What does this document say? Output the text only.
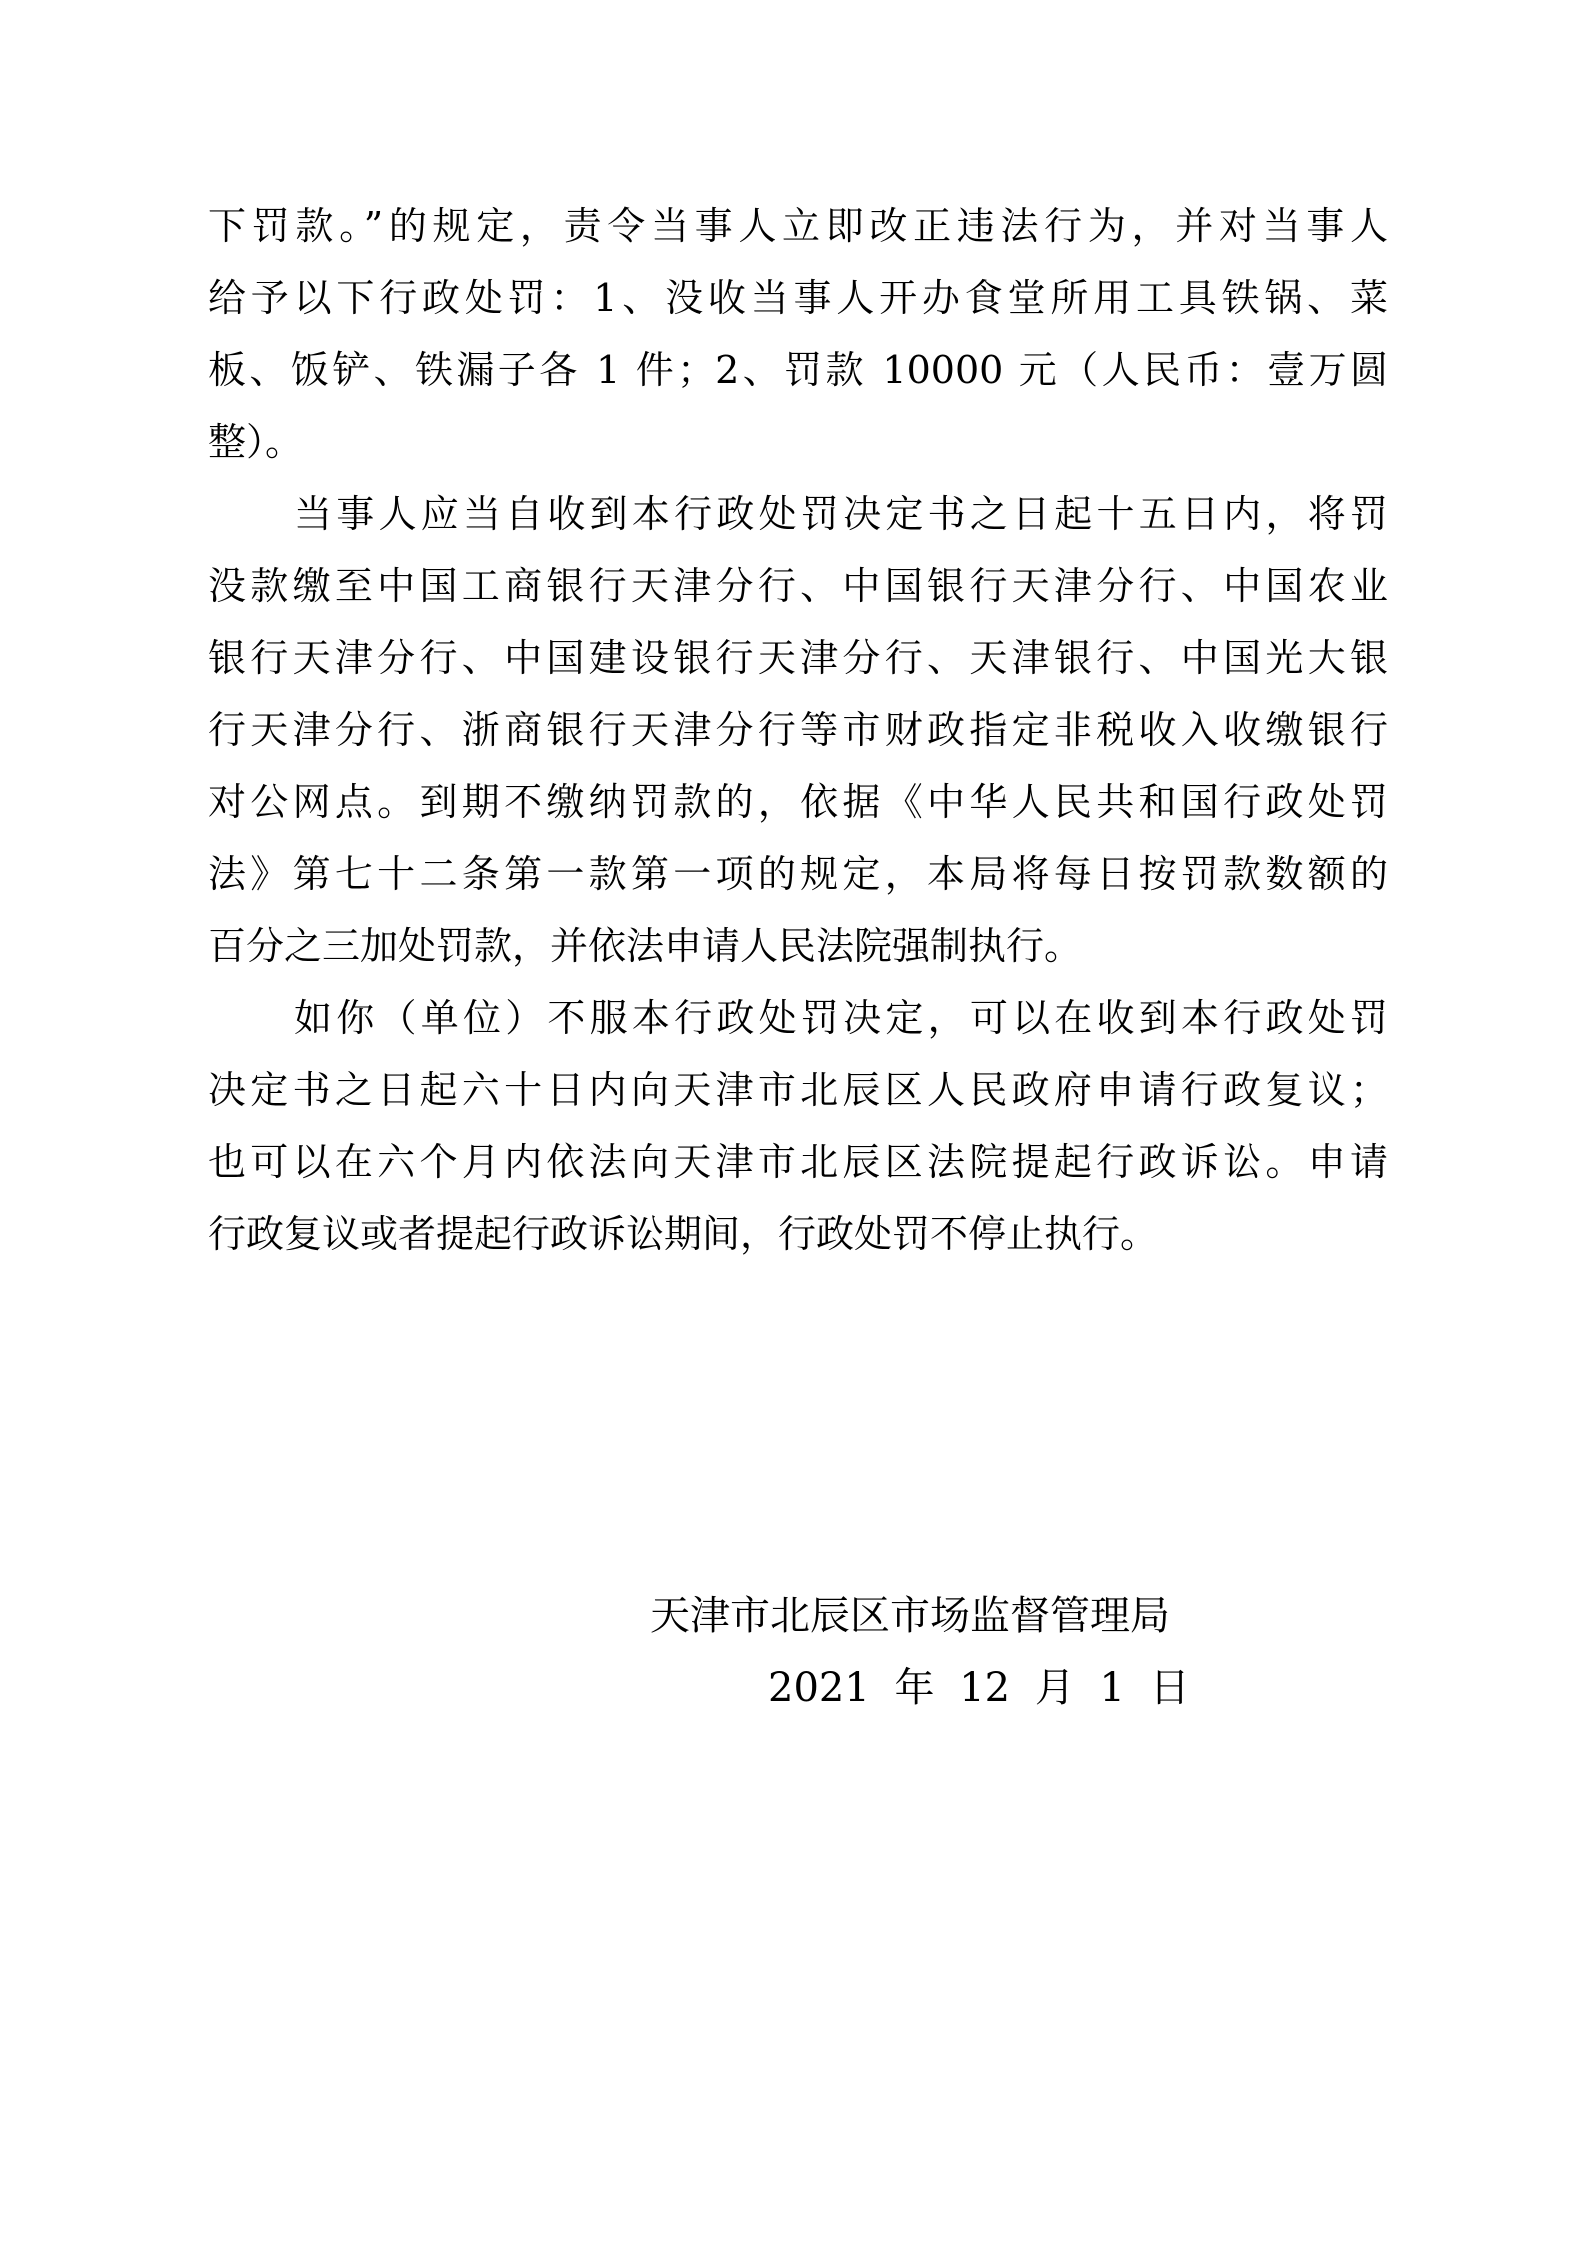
下罚款。”的规定，责令当事人立即改正违法行为，并对当事人
给予以下行政处罚：1、没收当事人开办食堂所用工具铁锅、菜
板、饭铲、铁漏子各 1 件；2、罚款 10000 元（人民币：壹万圆
整）。
当事人应当自收到本行政处罚决定书之日起十五日内，将罚
没款缴至中国工商银行天津分行、中国银行天津分行、中国农业
银行天津分行、中国建设银行天津分行、天津银行、中国光大银
行天津分行、浙商银行天津分行等市财政指定非税收入收缴银行
对公网点。到期不缴纳罚款的，依据《中华人民共和国行政处罚
法》第七十二条第一款第一项的规定，本局将每日按罚款数额的
百分之三加处罚款，并依法申请人民法院强制执行。
如你（单位）不服本行政处罚决定，可以在收到本行政处罚
决定书之日起六十日内向天津市北辰区人民政府申请行政复议；
也可以在六个月内依法向天津市北辰区法院提起行政诉讼。申请
行政复议或者提起行政诉讼期间，行政处罚不停止执行。
天津市北辰区市场监督管理局
2021 年 12 月 1 日
